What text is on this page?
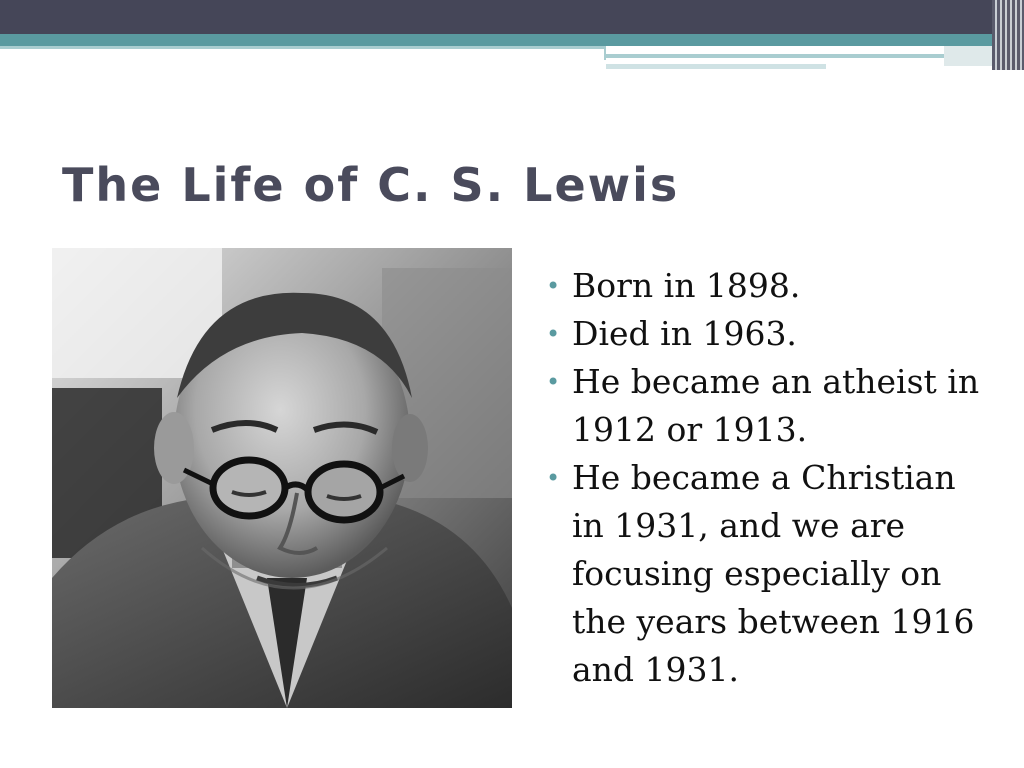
The Life of C. S. Lewis
• Born in 1898.
• Died in 1963.
• He became an atheist in 1912 or 1913.
• He became a Christian in 1931, and we are focusing especially on the years between 1916 and 1931.
